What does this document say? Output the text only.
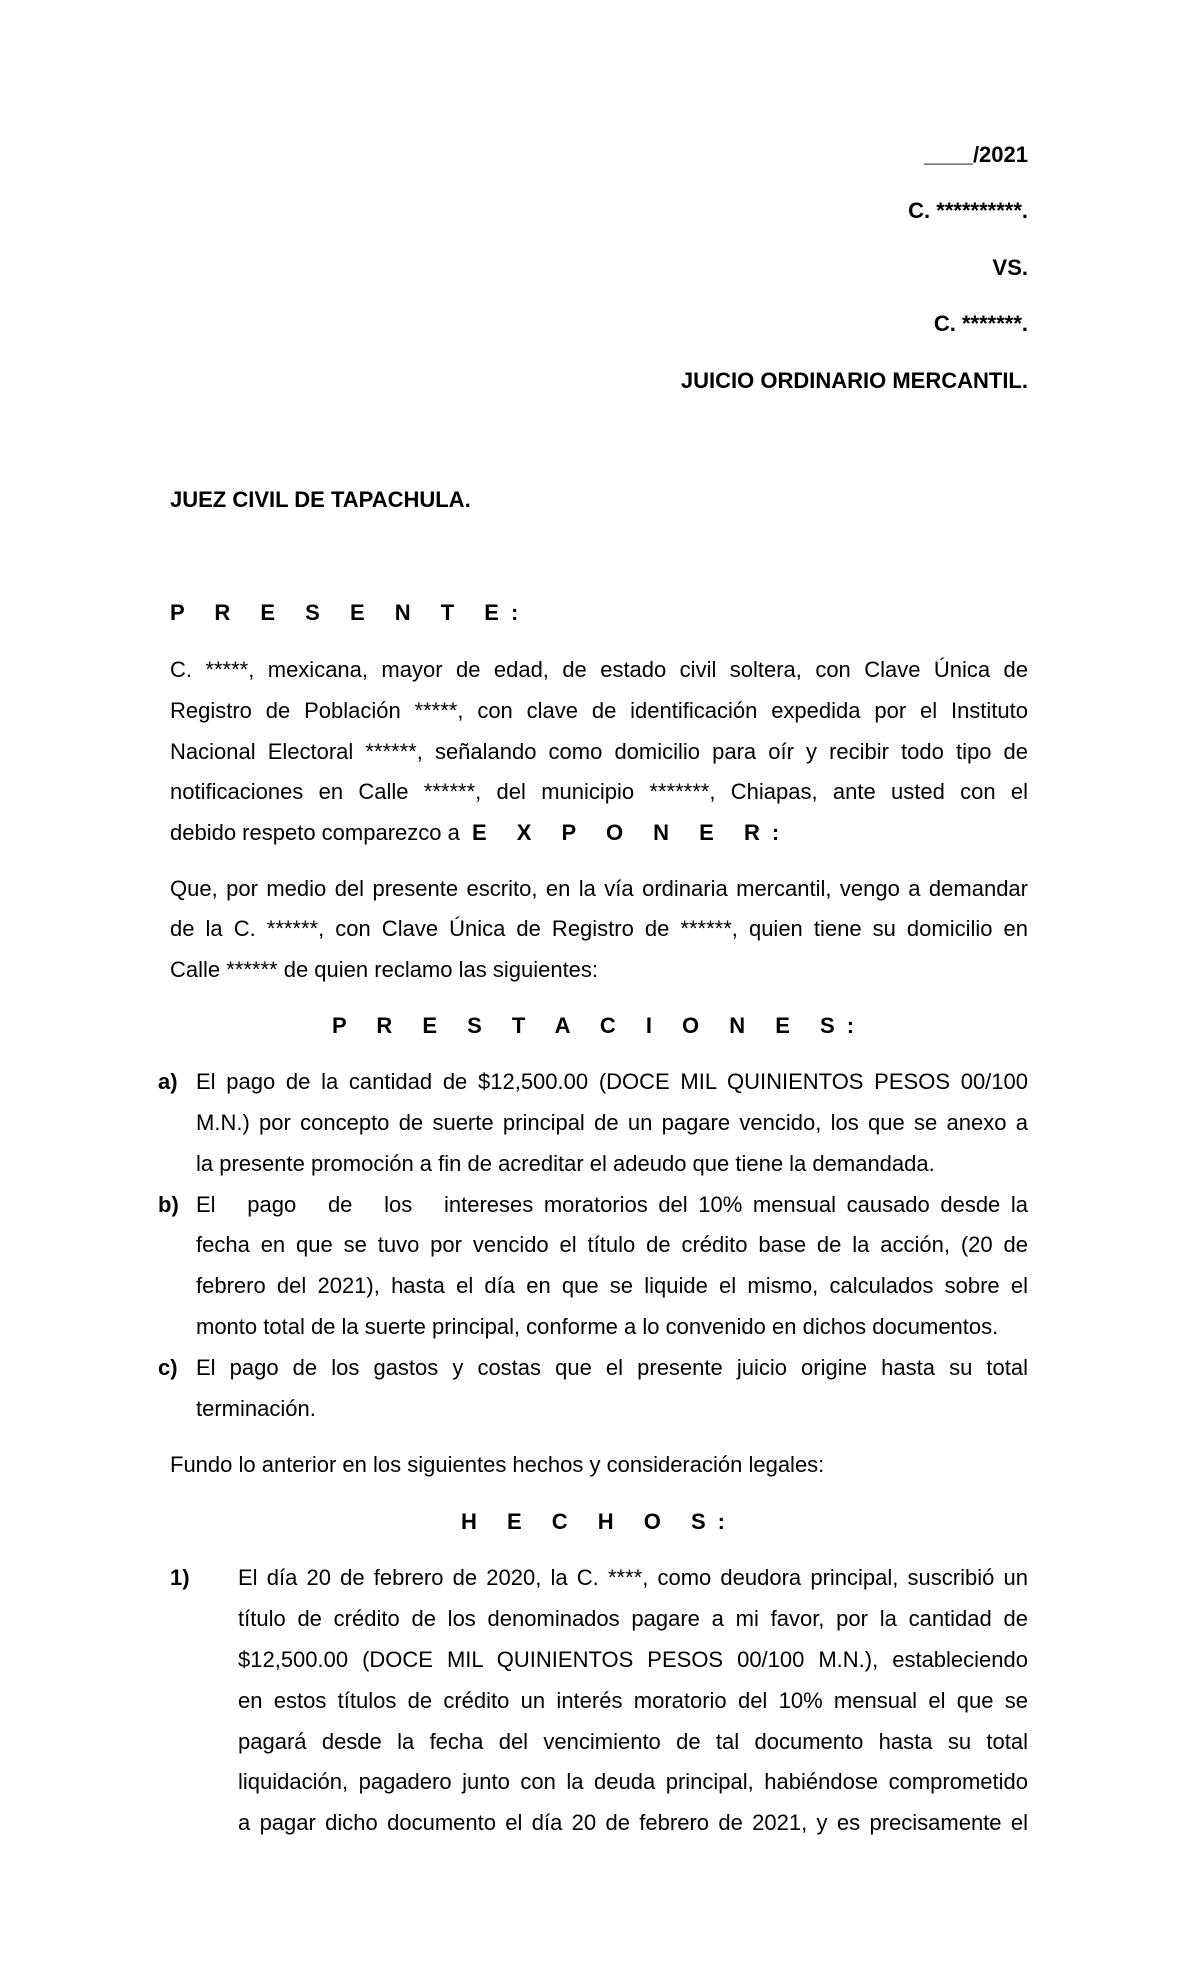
____/2021
C. **********.
VS.
C. *******.
JUICIO ORDINARIO MERCANTIL.
JUEZ CIVIL DE TAPACHULA.
P R E S E N T E:
C. *****, mexicana, mayor de edad, de estado civil soltera, con Clave Única de
Registro de Población *****, con clave de identificación expedida por el Instituto
Nacional Electoral ******, señalando como domicilio para oír y recibir todo tipo de
notificaciones en Calle ******, del municipio *******, Chiapas, ante usted con el
debido respeto comparezco a E X P O N E R:
Que, por medio del presente escrito, en la vía ordinaria mercantil, vengo a demandar
de la C. ******, con Clave Única de Registro de ******, quien tiene su domicilio en
Calle ****** de quien reclamo las siguientes:
P R E S T A C I O N E S:
a) El pago de la cantidad de $12,500.00 (DOCE MIL QUINIENTOS PESOS 00/100
M.N.) por concepto de suerte principal de un pagare vencido, los que se anexo a
la presente promoción a fin de acreditar el adeudo que tiene la demandada.
b) El   pago   de   los   intereses moratorios del 10% mensual causado desde la
fecha en que se tuvo por vencido el título de crédito base de la acción, (20 de
febrero del 2021), hasta el día en que se liquide el mismo, calculados sobre el
monto total de la suerte principal, conforme a lo convenido en dichos documentos.
c) El pago de los gastos y costas que el presente juicio origine hasta su total
terminación.
Fundo lo anterior en los siguientes hechos y consideración legales:
H E C H O S:
1) El día 20 de febrero de 2020, la C. ****, como deudora principal, suscribió un
título de crédito de los denominados pagare a mi favor, por la cantidad de
$12,500.00 (DOCE MIL QUINIENTOS PESOS 00/100 M.N.), estableciendo
en estos títulos de crédito un interés moratorio del 10% mensual el que se
pagará desde la fecha del vencimiento de tal documento hasta su total
liquidación, pagadero junto con la deuda principal, habiéndose comprometido
a pagar dicho documento el día 20 de febrero de 2021, y es precisamente el
